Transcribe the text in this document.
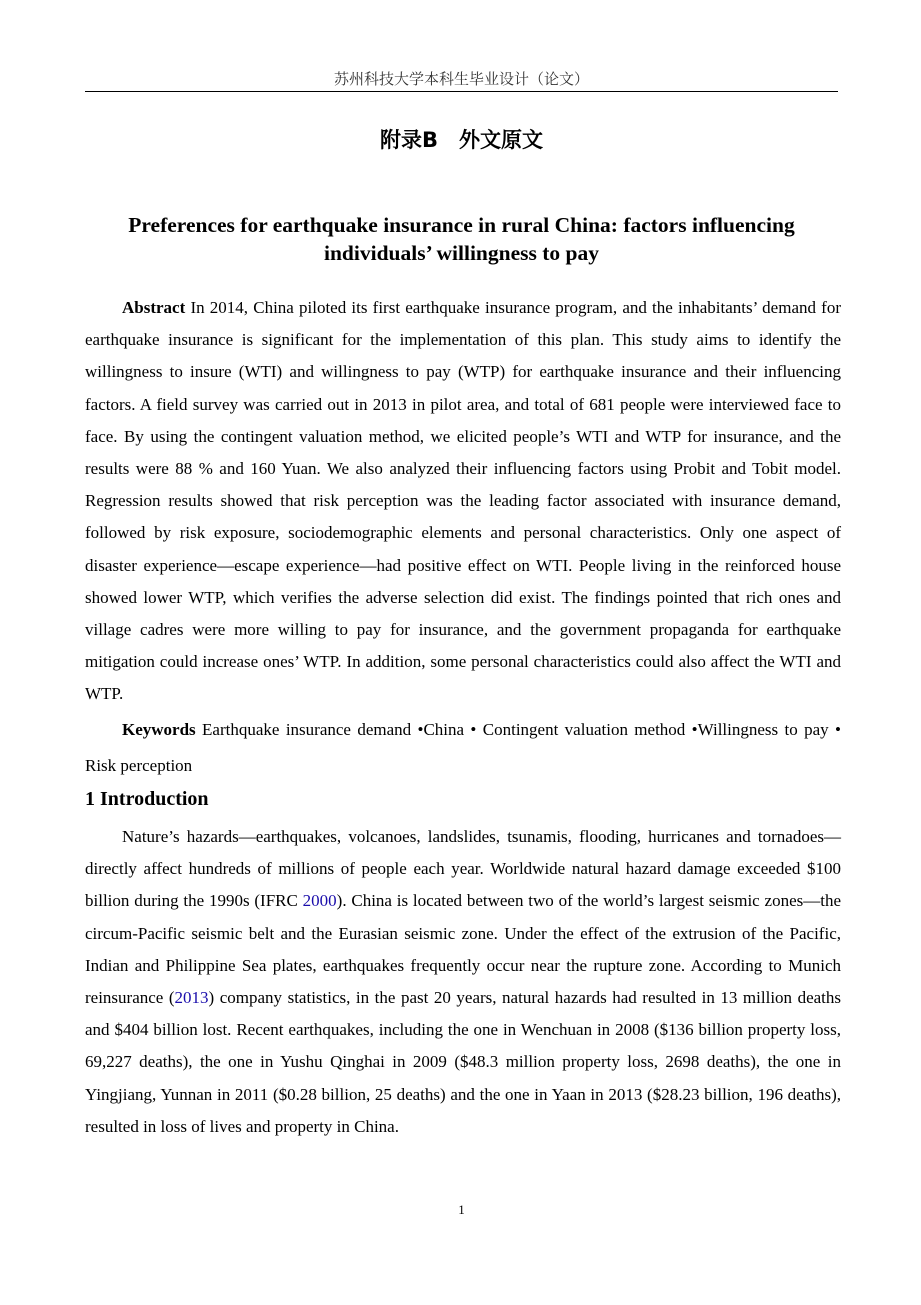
苏州科技大学本科生毕业设计（论文）
附录B　外文原文
Preferences for earthquake insurance in rural China: factors influencing individuals’ willingness to pay

Abstract In 2014, China piloted its first earthquake insurance program, and the inhabitants’ demand for earthquake insurance is significant for the implementation of this plan. This study aims to identify the willingness to insure (WTI) and willingness to pay (WTP) for earthquake insurance and their influencing factors. A field survey was carried out in 2013 in pilot area, and total of 681 people were interviewed face to face. By using the contingent valuation method, we elicited people’s WTI and WTP for insurance, and the results were 88 % and 160 Yuan. We also analyzed their influencing factors using Probit and Tobit model. Regression results showed that risk perception was the leading factor associated with insurance demand, followed by risk exposure, sociodemographic elements and personal characteristics. Only one aspect of disaster experience—escape experience—had positive effect on WTI. People living in the reinforced house showed lower WTP, which verifies the adverse selection did exist. The findings pointed that rich ones and village cadres were more willing to pay for insurance, and the government propaganda for earthquake mitigation could increase ones’ WTP. In addition, some personal characteristics could also affect the WTI and WTP.

Keywords Earthquake insurance demand •China • Contingent valuation method •Willingness to pay • Risk perception

1 Introduction

Nature’s hazards—earthquakes, volcanoes, landslides, tsunamis, flooding, hurricanes and tornadoes—directly affect hundreds of millions of people each year. Worldwide natural hazard damage exceeded $100 billion during the 1990s (IFRC 2000). China is located between two of the world’s largest seismic zones—the circum-Pacific seismic belt and the Eurasian seismic zone. Under the effect of the extrusion of the Pacific, Indian and Philippine Sea plates, earthquakes frequently occur near the rupture zone. According to Munich reinsurance (2013) company statistics, in the past 20 years, natural hazards had resulted in 13 million deaths and $404 billion lost. Recent earthquakes, including the one in Wenchuan in 2008 ($136 billion property loss, 69,227 deaths), the one in Yushu Qinghai in 2009 ($48.3 million property loss, 2698 deaths), the one in Yingjiang, Yunnan in 2011 ($0.28 billion, 25 deaths) and the one in Yaan in 2013 ($28.23 billion, 196 deaths), resulted in loss of lives and property in China.

1
